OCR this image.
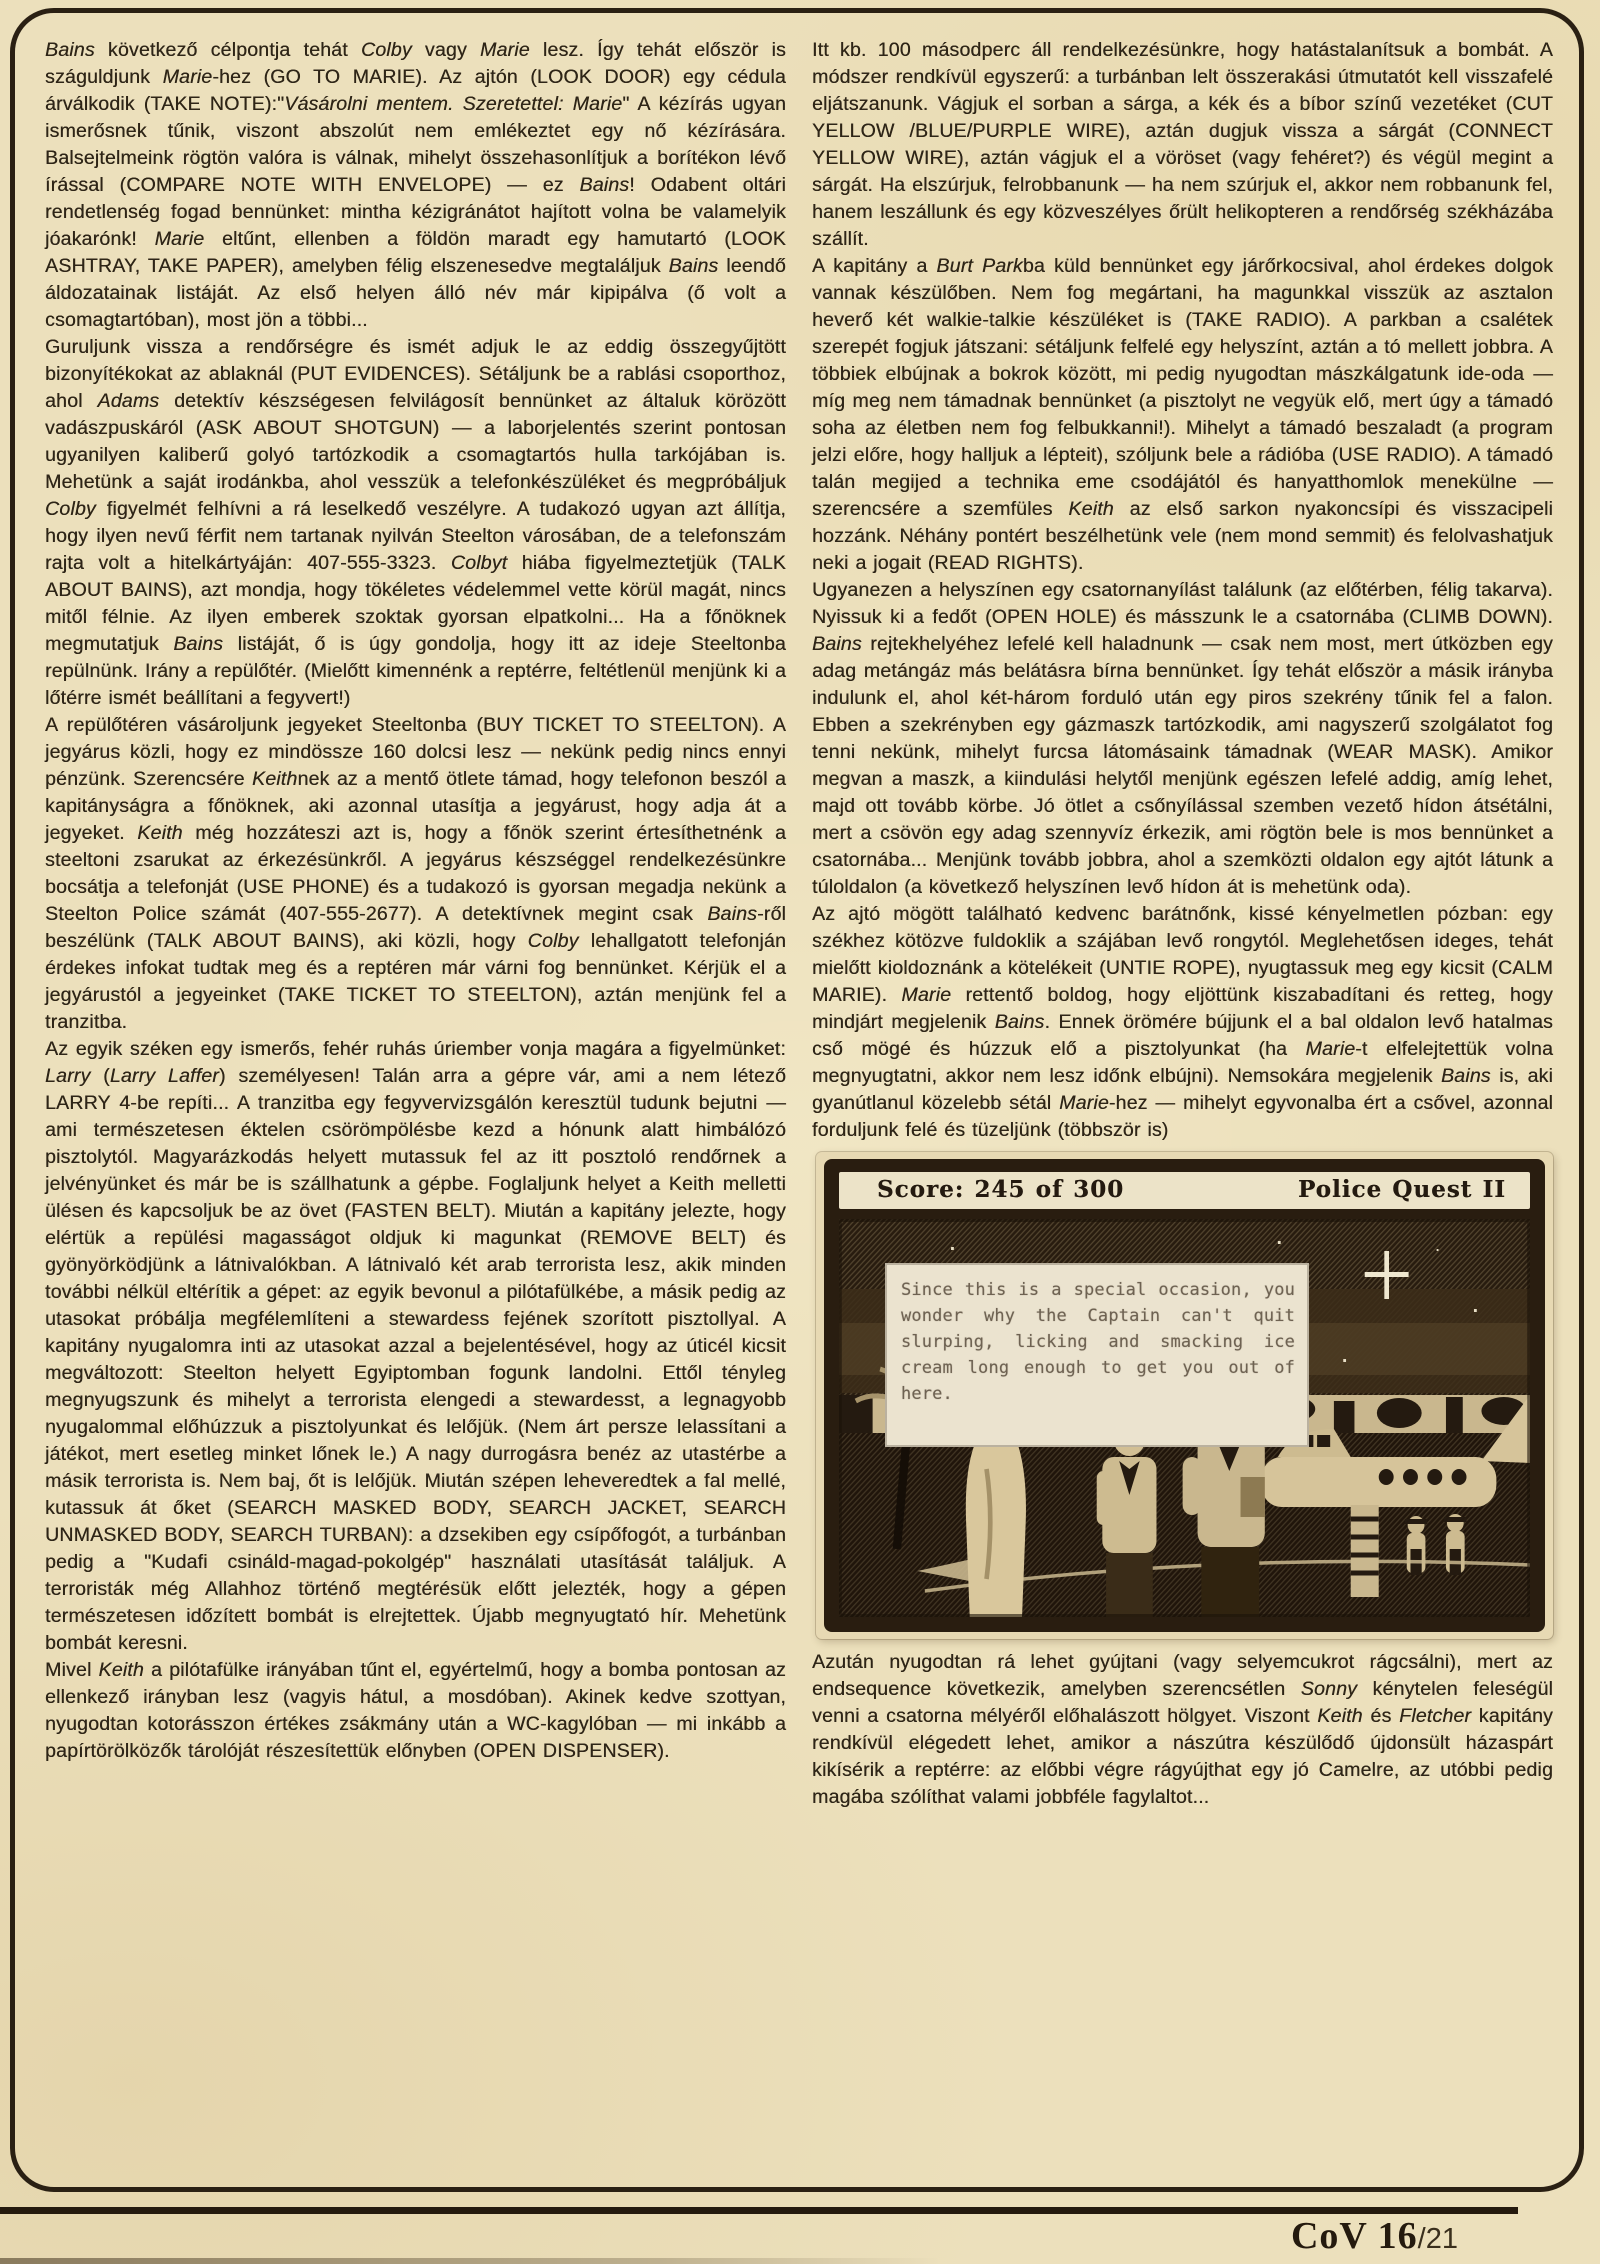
Bains következő célpontja tehát Colby vagy Marie lesz. Így tehát először is száguldjunk Marie-hez (GO TO MARIE). Az ajtón (LOOK DOOR) egy cédula árválkodik (TAKE NOTE):"Vásárolni mentem. Szeretettel: Marie" A kézírás ugyan ismerősnek tűnik, viszont abszolút nem emlékeztet egy nő kézírására. Balsejtelmeink rögtön valóra is válnak, mihelyt összehasonlítjuk a borítékon lévő írással (COMPARE NOTE WITH ENVELOPE) — ez Bains! Odabent oltári rendetlenség fogad bennünket: mintha kézigránátot hajított volna be valamelyik jóakarónk! Marie eltűnt, ellenben a földön maradt egy hamutartó (LOOK ASHTRAY, TAKE PAPER), amelyben félig elszenesedve megtaláljuk Bains leendő áldozatainak listáját. Az első helyen álló név már kipipálva (ő volt a csomagtartóban), most jön a többi...

Guruljunk vissza a rendőrségre és ismét adjuk le az eddig összegyűjtött bizonyítékokat az ablaknál (PUT EVIDENCES). Sétáljunk be a rablási csoporthoz, ahol Adams detektív készségesen felvilágosít bennünket az általuk körözött vadászpuskáról (ASK ABOUT SHOTGUN) — a laborjelentés szerint pontosan ugyanilyen kaliberű golyó tartózkodik a csomagtartós hulla tarkójában is. Mehetünk a saját irodánkba, ahol vesszük a telefonkészüléket és megpróbáljuk Colby figyelmét felhívni a rá leselkedő veszélyre. A tudakozó ugyan azt állítja, hogy ilyen nevű férfit nem tartanak nyilván Steelton városában, de a telefonszám rajta volt a hitelkártyáján: 407-555-3323. Colbyt hiába figyelmeztetjük (TALK ABOUT BAINS), azt mondja, hogy tökéletes védelemmel vette körül magát, nincs mitől félnie. Az ilyen emberek szoktak gyorsan elpatkolni... Ha a főnöknek megmutatjuk Bains listáját, ő is úgy gondolja, hogy itt az ideje Steeltonba repülnünk. Irány a repülőtér. (Mielőtt kimennénk a reptérre, feltétlenül menjünk ki a lőtérre ismét beállítani a fegyvert!)

A repülőtéren vásároljunk jegyeket Steeltonba (BUY TICKET TO STEELTON). A jegyárus közli, hogy ez mindössze 160 dolcsi lesz — nekünk pedig nincs ennyi pénzünk. Szerencsére Keithnek az a mentő ötlete támad, hogy telefonon beszól a kapitányságra a főnöknek, aki azonnal utasítja a jegyárust, hogy adja át a jegyeket. Keith még hozzáteszi azt is, hogy a főnök szerint értesíthetnénk a steeltoni zsarukat az érkezésünkről. A jegyárus készséggel rendelkezésünkre bocsátja a telefonját (USE PHONE) és a tudakozó is gyorsan megadja nekünk a Steelton Police számát (407-555-2677). A detektívnek megint csak Bains-ről beszélünk (TALK ABOUT BAINS), aki közli, hogy Colby lehallgatott telefonján érdekes infokat tudtak meg és a reptéren már várni fog bennünket. Kérjük el a jegyárustól a jegyeinket (TAKE TICKET TO STEELTON), aztán menjünk fel a tranzitba.

Az egyik széken egy ismerős, fehér ruhás úriember vonja magára a figyelmünket: Larry (Larry Laffer) személyesen! Talán arra a gépre vár, ami a nem létező LARRY 4-be repíti... A tranzitba egy fegyvervizsgálón keresztül tudunk bejutni — ami természetesen éktelen csörömpölésbe kezd a hónunk alatt himbálózó pisztolytól. Magyarázkodás helyett mutassuk fel az itt posztoló rendőrnek a jelvényünket és már be is szállhatunk a gépbe. Foglaljunk helyet a Keith melletti ülésen és kapcsoljuk be az övet (FASTEN BELT). Miután a kapitány jelezte, hogy elértük a repülési magasságot oldjuk ki magunkat (REMOVE BELT) és gyönyörködjünk a látnivalókban. A látnivaló két arab terrorista lesz, akik minden további nélkül eltérítik a gépet: az egyik bevonul a pilótafülkébe, a másik pedig az utasokat próbálja megfélemlíteni a stewardess fejének szorított pisztollyal. A kapitány nyugalomra inti az utasokat azzal a bejelentésével, hogy az úticél kicsit megváltozott: Steelton helyett Egyiptomban fogunk landolni. Ettől tényleg megnyugszunk és mihelyt a terrorista elengedi a stewardesst, a legnagyobb nyugalommal előhúzzuk a pisztolyunkat és lelőjük. (Nem árt persze lelassítani a játékot, mert esetleg minket lőnek le.) A nagy durrogásra benéz az utastérbe a másik terrorista is. Nem baj, őt is lelőjük. Miután szépen leheveredtek a fal mellé, kutassuk át őket (SEARCH MASKED BODY, SEARCH JACKET, SEARCH UNMASKED BODY, SEARCH TURBAN): a dzsekiben egy csípőfogót, a turbánban pedig a "Kudafi csináld-magad-pokolgép" használati utasítását találjuk. A terroristák még Allahhoz történő megtérésük előtt jelezték, hogy a gépen természetesen időzített bombát is elrejtettek. Újabb megnyugtató hír. Mehetünk bombát keresni.

Mivel Keith a pilótafülke irányában tűnt el, egyértelmű, hogy a bomba pontosan az ellenkező irányban lesz (vagyis hátul, a mosdóban). Akinek kedve szottyan, nyugodtan kotorásszon értékes zsákmány után a WC-kagylóban — mi inkább a papírtörölközők tárolóját részesítettük előnyben (OPEN DISPENSER).

Itt kb. 100 másodperc áll rendelkezésünkre, hogy hatástalanítsuk a bombát. A módszer rendkívül egyszerű: a turbánban lelt összerakási útmutatót kell visszafelé eljátszanunk. Vágjuk el sorban a sárga, a kék és a bíbor színű vezetéket (CUT YELLOW /BLUE/PURPLE WIRE), aztán dugjuk vissza a sárgát (CONNECT YELLOW WIRE), aztán vágjuk el a vöröset (vagy fehéret?) és végül megint a sárgát. Ha elszúrjuk, felrobbanunk — ha nem szúrjuk el, akkor nem robbanunk fel, hanem leszállunk és egy közveszélyes őrült helikopteren a rendőrség székházába szállít.

A kapitány a Burt Parkba küld bennünket egy járőrkocsival, ahol érdekes dolgok vannak készülőben. Nem fog megártani, ha magunkkal visszük az asztalon heverő két walkie-talkie készüléket is (TAKE RADIO). A parkban a csalétek szerepét fogjuk játszani: sétáljunk felfelé egy helyszínt, aztán a tó mellett jobbra. A többiek elbújnak a bokrok között, mi pedig nyugodtan mászkálgatunk ide-oda — míg meg nem támadnak bennünket (a pisztolyt ne vegyük elő, mert úgy a támadó soha az életben nem fog felbukkanni!). Mihelyt a támadó beszaladt (a program jelzi előre, hogy halljuk a lépteit), szóljunk bele a rádióba (USE RADIO). A támadó talán megijed a technika eme csodájától és hanyatthomlok menekülne — szerencsére a szemfüles Keith az első sarkon nyakoncsípi és visszacipeli hozzánk. Néhány pontért beszélhetünk vele (nem mond semmit) és felolvashatjuk neki a jogait (READ RIGHTS).

Ugyanezen a helyszínen egy csatornanyílást találunk (az előtérben, félig takarva). Nyissuk ki a fedőt (OPEN HOLE) és másszunk le a csatornába (CLIMB DOWN). Bains rejtekhelyéhez lefelé kell haladnunk — csak nem most, mert útközben egy adag metángáz más belátásra bírna bennünket. Így tehát először a másik irányba indulunk el, ahol két-három forduló után egy piros szekrény tűnik fel a falon. Ebben a szekrényben egy gázmaszk tartózkodik, ami nagyszerű szolgálatot fog tenni nekünk, mihelyt furcsa látomásaink támadnak (WEAR MASK). Amikor megvan a maszk, a kiindulási helytől menjünk egészen lefelé addig, amíg lehet, majd ott tovább körbe. Jó ötlet a csőnyílással szemben vezető hídon átsétálni, mert a csövön egy adag szennyvíz érkezik, ami rögtön bele is mos bennünket a csatornába... Menjünk tovább jobbra, ahol a szemközti oldalon egy ajtót látunk a túloldalon (a következő helyszínen levő hídon át is mehetünk oda).

Az ajtó mögött található kedvenc barátnőnk, kissé kényelmetlen pózban: egy székhez kötözve fuldoklik a szájában levő rongytól. Meglehetősen ideges, tehát mielőtt kioldoznánk a kötelékeit (UNTIE ROPE), nyugtassuk meg egy kicsit (CALM MARIE). Marie rettentő boldog, hogy eljöttünk kiszabadítani és retteg, hogy mindjárt megjelenik Bains. Ennek örömére bújjunk el a bal oldalon levő hatalmas cső mögé és húzzuk elő a pisztolyunkat (ha Marie-t elfelejtettük volna megnyugtatni, akkor nem lesz időnk elbújni). Nemsokára megjelenik Bains is, aki gyanútlanul közelebb sétál Marie-hez — mihelyt egyvonalba ért a csővel, azonnal forduljunk felé és tüzeljünk (többször is)

Score: 245 of 300	Police Quest II
Since this is a special occasion, you wonder why the Captain can't quit slurping, licking and smacking ice cream long enough to get you out of here.

Azután nyugodtan rá lehet gyújtani (vagy selyemcukrot rágcsálni), mert az endsequence következik, amelyben szerencsétlen Sonny kénytelen feleségül venni a csatorna mélyéről előhalászott hölgyet. Viszont Keith és Fletcher kapitány rendkívül elégedett lehet, amikor a nászútra készülődő újdonsült házaspárt kikísérik a reptérre: az előbbi végre rágyújthat egy jó Camelre, az utóbbi pedig magába szólíthat valami jobbféle fagylaltot...

CoV 16/21
